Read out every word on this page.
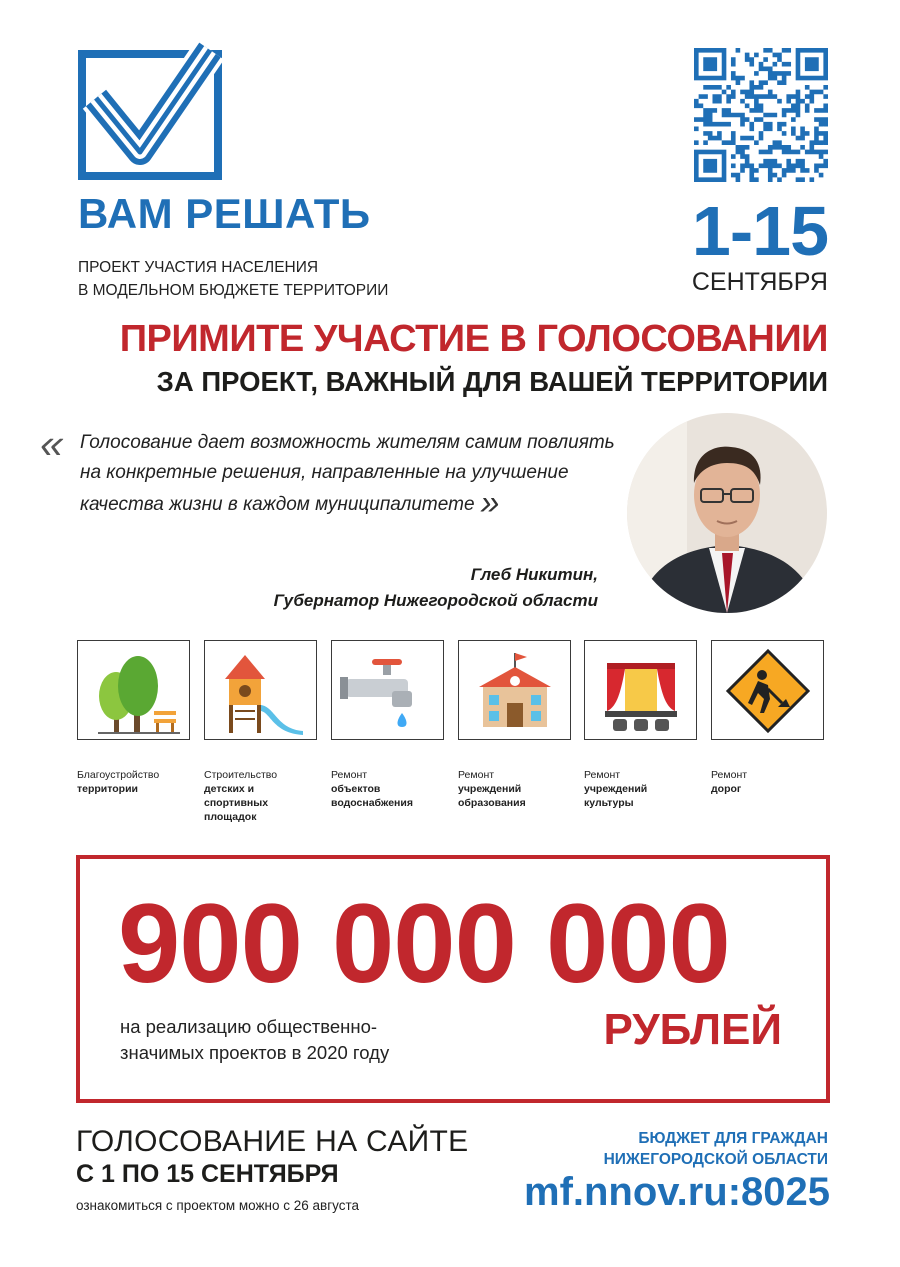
ВАМ РЕШАТЬ
ПРОЕКТ УЧАСТИЯ НАСЕЛЕНИЯ
В МОДЕЛЬНОМ БЮДЖЕТЕ ТЕРРИТОРИИ
1-15
СЕНТЯБРЯ
ПРИМИТЕ УЧАСТИЕ В ГОЛОСОВАНИИ
ЗА ПРОЕКТ, ВАЖНЫЙ ДЛЯ ВАШЕЙ ТЕРРИТОРИИ
« Голосование дает возможность жителям самим повлиять на конкретные решения, направленные на улучшение качества жизни в каждом муниципалитете »
Глеб Никитин,
Губернатор Нижегородской области
Благоустройство
территории
Строительство
детских и спортивных площадок
Ремонт
объектов водоснабжения
Ремонт
учреждений образования
Ремонт
учреждений культуры
Ремонт
дорог
900 000 000
на реализацию общественно-
значимых проектов в 2020 году	РУБЛЕЙ
ГОЛОСОВАНИЕ НА САЙТЕ
С 1 ПО 15 СЕНТЯБРЯ
ознакомиться с проектом можно с 26 августа
БЮДЖЕТ ДЛЯ ГРАЖДАН
НИЖЕГОРОДСКОЙ ОБЛАСТИ
mf.nnov.ru:8025
